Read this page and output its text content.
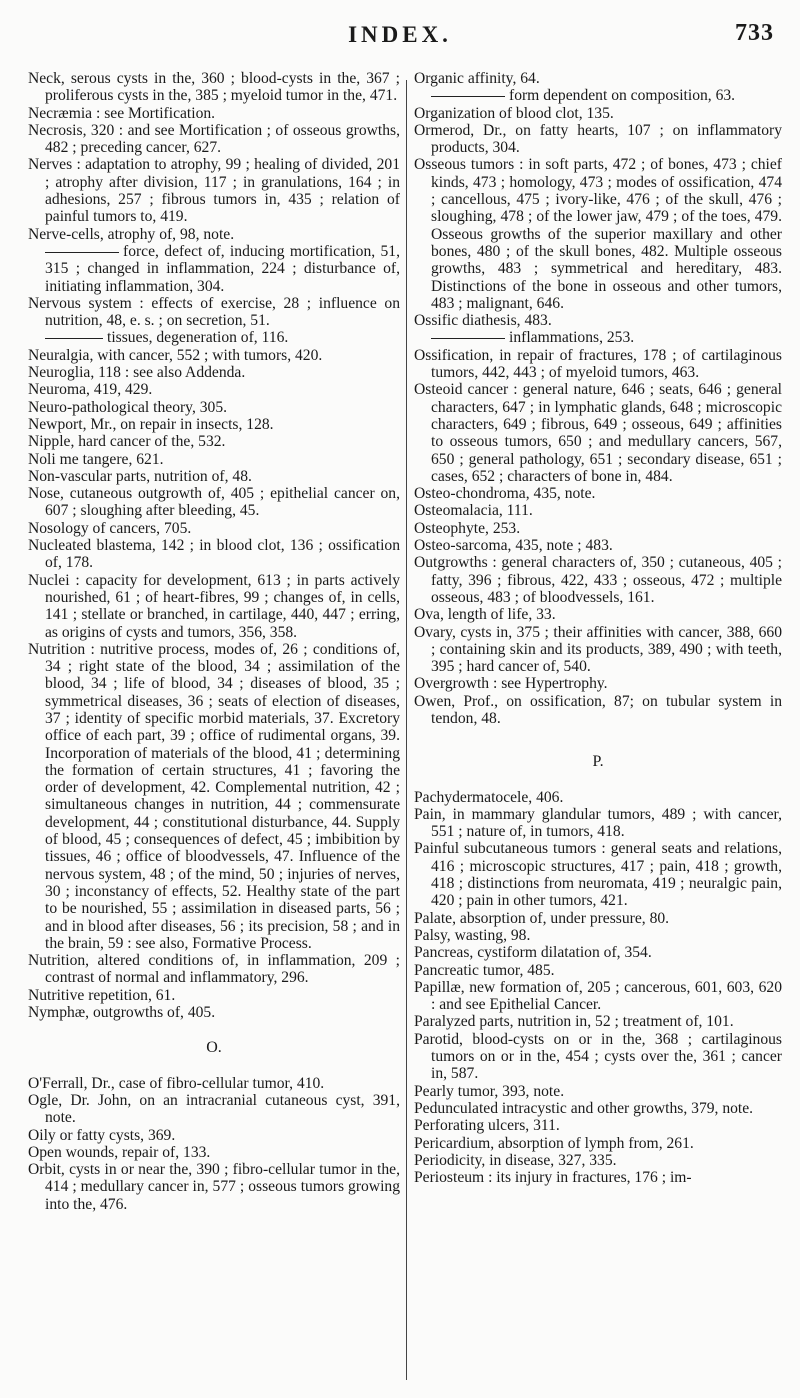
INDEX.	733
Neck, serous cysts in the, 360 ; blood-cysts in the, 367 ; proliferous cysts in the, 385 ; myeloid tumor in the, 471.
Necræmia : see Mortification.
Necrosis, 320 : and see Mortification ; of osseous growths, 482 ; preceding cancer, 627.
Nerves : adaptation to atrophy, 99 ; healing of divided, 201 ; atrophy after division, 117 ; in granulations, 164 ; in adhesions, 257 ; fibrous tumors in, 435 ; relation of painful tumors to, 419.
Nerve-cells, atrophy of, 98, note.
force, defect of, inducing mortification, 51, 315 ; changed in inflammation, 224 ; disturbance of, initiating inflammation, 304.
Nervous system : effects of exercise, 28 ; influence on nutrition, 48, e. s. ; on secretion, 51.
tissues, degeneration of, 116.
Neuralgia, with cancer, 552 ; with tumors, 420.
Neuroglia, 118 : see also Addenda.
Neuroma, 419, 429.
Neuro-pathological theory, 305.
Newport, Mr., on repair in insects, 128.
Nipple, hard cancer of the, 532.
Noli me tangere, 621.
Non-vascular parts, nutrition of, 48.
Nose, cutaneous outgrowth of, 405 ; epithelial cancer on, 607 ; sloughing after bleeding, 45.
Nosology of cancers, 705.
Nucleated blastema, 142 ; in blood clot, 136 ; ossification of, 178.
Nuclei : capacity for development, 613 ; in parts actively nourished, 61 ; of heart-fibres, 99 ; changes of, in cells, 141 ; stellate or branched, in cartilage, 440, 447 ; erring, as origins of cysts and tumors, 356, 358.
Nutrition : nutritive process, modes of, 26 ; conditions of, 34 ; right state of the blood, 34 ; assimilation of the blood, 34 ; life of blood, 34 ; diseases of blood, 35 ; symmetrical diseases, 36 ; seats of election of diseases, 37 ; identity of specific morbid materials, 37. Excretory office of each part, 39 ; office of rudimental organs, 39. Incorporation of materials of the blood, 41 ; determining the formation of certain structures, 41 ; favoring the order of development, 42. Complemental nutrition, 42 ; simultaneous changes in nutrition, 44 ; commensurate development, 44 ; constitutional disturbance, 44. Supply of blood, 45 ; consequences of defect, 45 ; imbibition by tissues, 46 ; office of bloodvessels, 47. Influence of the nervous system, 48 ; of the mind, 50 ; injuries of nerves, 30 ; inconstancy of effects, 52. Healthy state of the part to be nourished, 55 ; assimilation in diseased parts, 56 ; and in blood after diseases, 56 ; its precision, 58 ; and in the brain, 59 : see also, Formative Process.
Nutrition, altered conditions of, in inflammation, 209 ; contrast of normal and inflammatory, 296.
Nutritive repetition, 61.
Nymphæ, outgrowths of, 405.
O.
O'Ferrall, Dr., case of fibro-cellular tumor, 410.
Ogle, Dr. John, on an intracranial cutaneous cyst, 391, note.
Oily or fatty cysts, 369.
Open wounds, repair of, 133.
Orbit, cysts in or near the, 390 ; fibro-cellular tumor in the, 414 ; medullary cancer in, 577 ; osseous tumors growing into the, 476.
Organic affinity, 64.
form dependent on composition, 63.
Organization of blood clot, 135.
Ormerod, Dr., on fatty hearts, 107 ; on inflammatory products, 304.
Osseous tumors : in soft parts, 472 ; of bones, 473 ; chief kinds, 473 ; homology, 473 ; modes of ossification, 474 ; cancellous, 475 ; ivory-like, 476 ; of the skull, 476 ; sloughing, 478 ; of the lower jaw, 479 ; of the toes, 479. Osseous growths of the superior maxillary and other bones, 480 ; of the skull bones, 482. Multiple osseous growths, 483 ; symmetrical and hereditary, 483. Distinctions of the bone in osseous and other tumors, 483 ; malignant, 646.
Ossific diathesis, 483.
inflammations, 253.
Ossification, in repair of fractures, 178 ; of cartilaginous tumors, 442, 443 ; of myeloid tumors, 463.
Osteoid cancer : general nature, 646 ; seats, 646 ; general characters, 647 ; in lymphatic glands, 648 ; microscopic characters, 649 ; fibrous, 649 ; osseous, 649 ; affinities to osseous tumors, 650 ; and medullary cancers, 567, 650 ; general pathology, 651 ; secondary disease, 651 ; cases, 652 ; characters of bone in, 484.
Osteo-chondroma, 435, note.
Osteomalacia, 111.
Osteophyte, 253.
Osteo-sarcoma, 435, note ; 483.
Outgrowths : general characters of, 350 ; cutaneous, 405 ; fatty, 396 ; fibrous, 422, 433 ; osseous, 472 ; multiple osseous, 483 ; of bloodvessels, 161.
Ova, length of life, 33.
Ovary, cysts in, 375 ; their affinities with cancer, 388, 660 ; containing skin and its products, 389, 490 ; with teeth, 395 ; hard cancer of, 540.
Overgrowth : see Hypertrophy.
Owen, Prof., on ossification, 87; on tubular system in tendon, 48.
P.
Pachydermatocele, 406.
Pain, in mammary glandular tumors, 489 ; with cancer, 551 ; nature of, in tumors, 418.
Painful subcutaneous tumors : general seats and relations, 416 ; microscopic structures, 417 ; pain, 418 ; growth, 418 ; distinctions from neuromata, 419 ; neuralgic pain, 420 ; pain in other tumors, 421.
Palate, absorption of, under pressure, 80.
Palsy, wasting, 98.
Pancreas, cystiform dilatation of, 354.
Pancreatic tumor, 485.
Papillæ, new formation of, 205 ; cancerous, 601, 603, 620 : and see Epithelial Cancer.
Paralyzed parts, nutrition in, 52 ; treatment of, 101.
Parotid, blood-cysts on or in the, 368 ; cartilaginous tumors on or in the, 454 ; cysts over the, 361 ; cancer in, 587.
Pearly tumor, 393, note.
Pedunculated intracystic and other growths, 379, note.
Perforating ulcers, 311.
Pericardium, absorption of lymph from, 261.
Periodicity, in disease, 327, 335.
Periosteum : its injury in fractures, 176 ; im-
